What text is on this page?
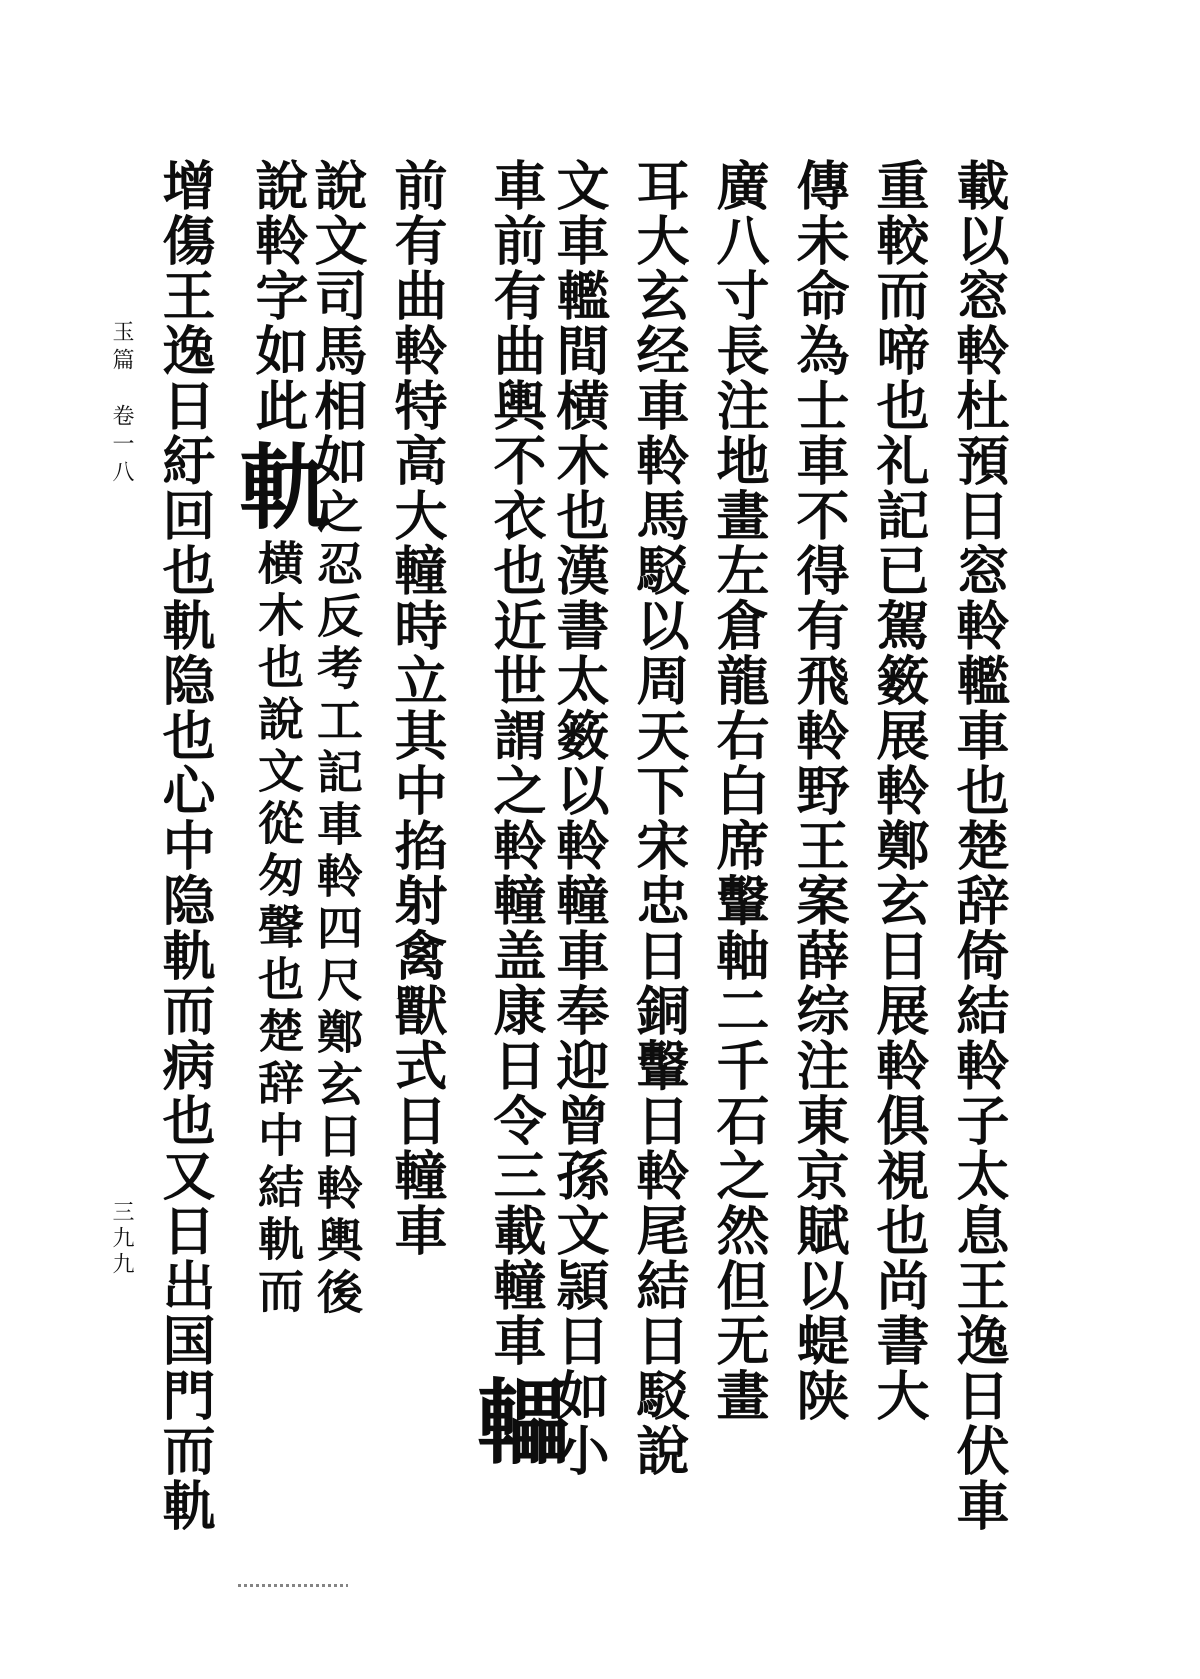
玉篇　卷一八
三九九	載以窓軨杜預日窓軨轞車也楚辞倚結軨子太息王逸日伏車
重較而啼也礼記已駕䉤展軨鄭玄日展軨俱視也尚書大
傳未命為士車不得有飛軨野王案薛综注東京賦以蝭陕
廣八寸長注地畫左倉龍右白席轚軸二千石之然但无畫
耳大玄经車軨馬駁以周天下宋忠日銅轚日軨尾結日駁說
文車轞間横木也漢書太䉤以軨䡴車奉迎曾孫文頴日如小
車前有曲輿不衣也近世謂之軨䡴盖康日令三載䡴車轠
前有曲軨特高大䡴時立其中掐射禽獸式日䡴車
說文司馬相如之忍反考工記車軨四尺鄭玄日軨輿後
說軨字如此軌横木也說文從匆聲也楚辞中結軌而
增傷王逸日紆回也軌隐也心中隐軌而病也又日出国門而軌
